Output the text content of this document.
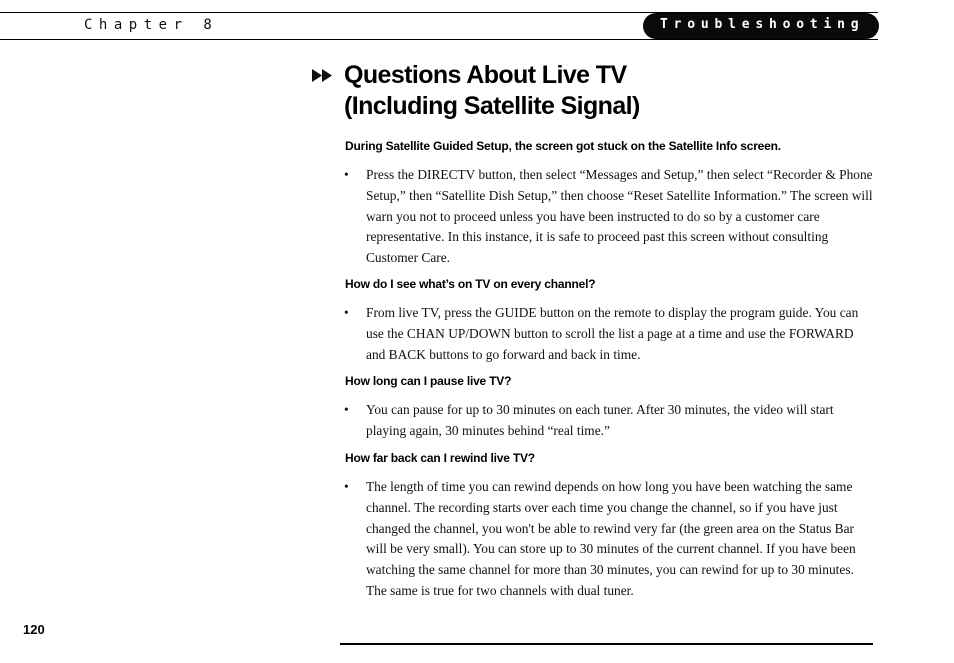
Chapter 8	Troubleshooting
Questions About Live TV
(Including Satellite Signal)
During Satellite Guided Setup, the screen got stuck on the Satellite Info screen.
• Press the DIRECTV button, then select “Messages and Setup,” then select “Recorder & Phone Setup,” then “Satellite Dish Setup,” then choose “Reset Satellite Information.” The screen will warn you not to proceed unless you have been instructed to do so by a customer care representative. In this instance, it is safe to proceed past this screen without consulting Customer Care.
How do I see what’s on TV on every channel?
• From live TV, press the GUIDE button on the remote to display the program guide. You can use the CHAN UP/DOWN button to scroll the list a page at a time and use the FORWARD and BACK buttons to go forward and back in time.
How long can I pause live TV?
• You can pause for up to 30 minutes on each tuner. After 30 minutes, the video will start playing again, 30 minutes behind “real time.”
How far back can I rewind live TV?
• The length of time you can rewind depends on how long you have been watching the same channel. The recording starts over each time you change the channel, so if you have just changed the channel, you won't be able to rewind very far (the green area on the Status Bar will be very small). You can store up to 30 minutes of the current channel. If you have been watching the same channel for more than 30 minutes, you can rewind for up to 30 minutes. The same is true for two channels with dual tuner.
120
